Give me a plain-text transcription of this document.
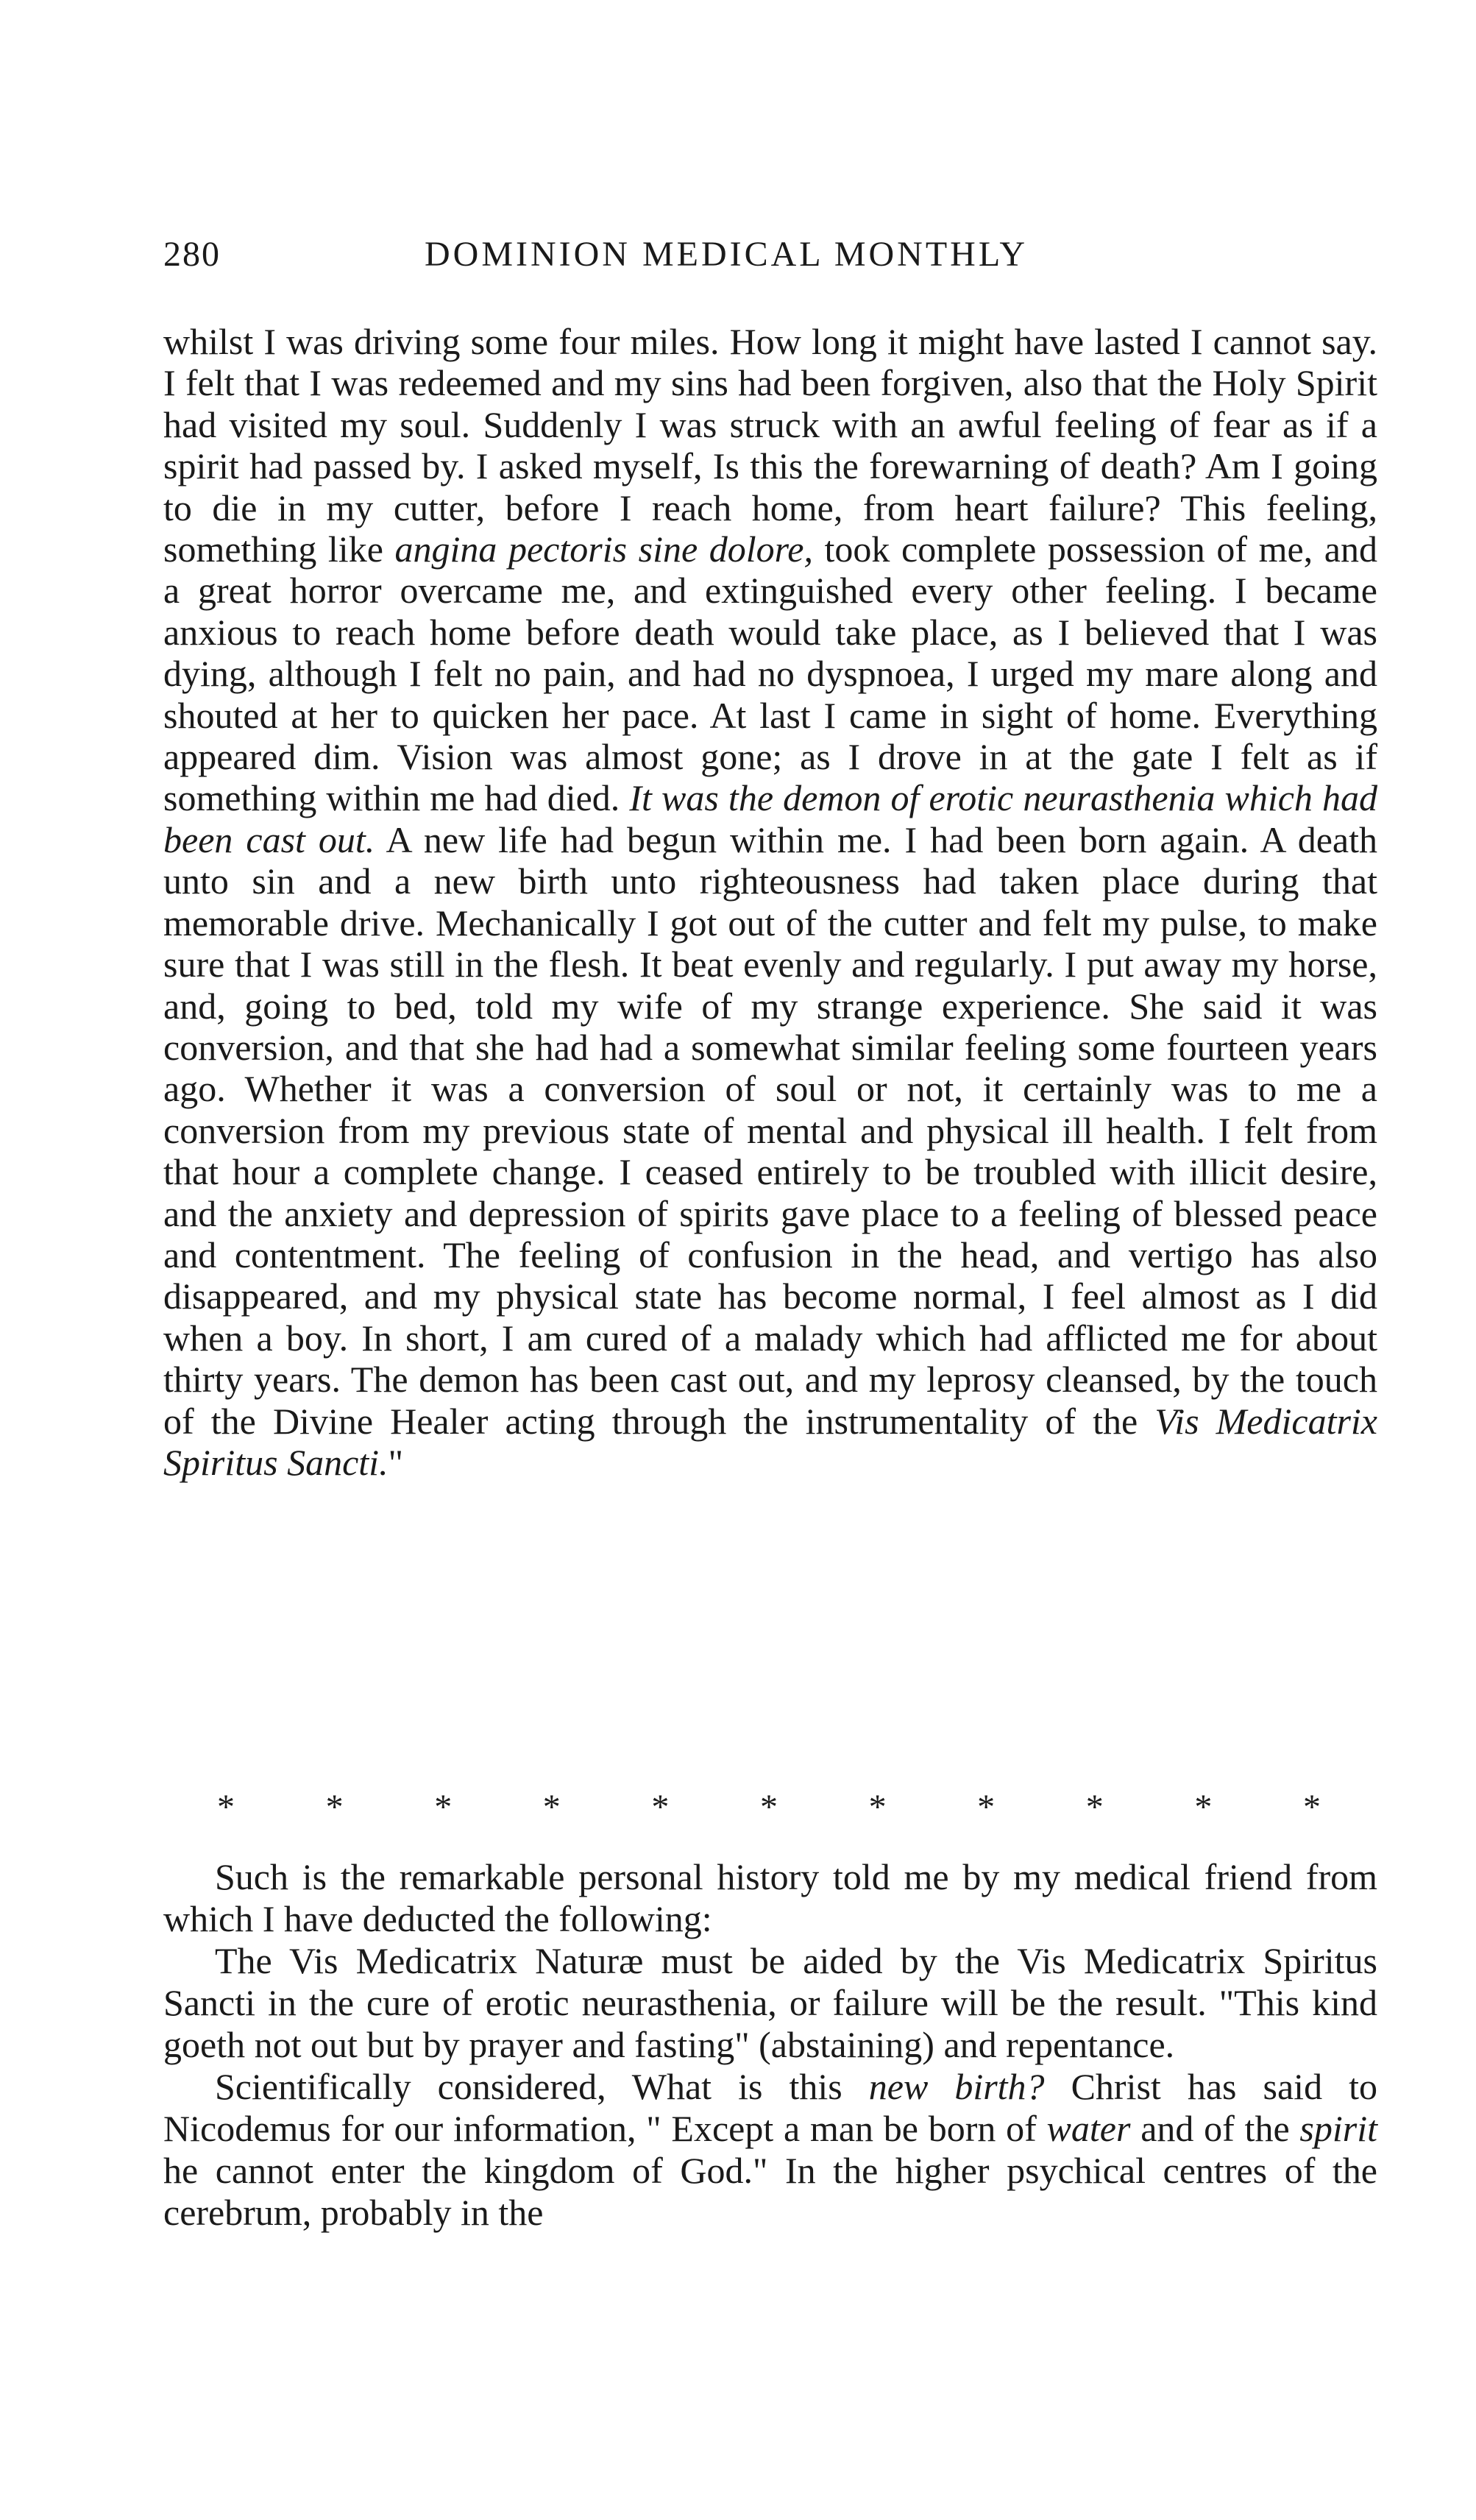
280	DOMINION MEDICAL MONTHLY

whilst I was driving some four miles. How long it might have lasted I cannot say. I felt that I was redeemed and my sins had been forgiven, also that the Holy Spirit had visited my soul. Suddenly I was struck with an awful feeling of fear as if a spirit had passed by. I asked myself, Is this the forewarning of death? Am I going to die in my cutter, before I reach home, from heart failure? This feeling, something like angina pectoris sine dolore, took complete possession of me, and a great horror overcame me, and extinguished every other feeling. I became anxious to reach home before death would take place, as I believed that I was dying, although I felt no pain, and had no dyspnoea, I urged my mare along and shouted at her to quicken her pace. At last I came in sight of home. Everything appeared dim. Vision was almost gone; as I drove in at the gate I felt as if something within me had died. It was the demon of erotic neurasthenia which had been cast out. A new life had begun within me. I had been born again. A death unto sin and a new birth unto righteousness had taken place during that memorable drive. Mechanically I got out of the cutter and felt my pulse, to make sure that I was still in the flesh. It beat evenly and regularly. I put away my horse, and, going to bed, told my wife of my strange experience. She said it was conversion, and that she had had a somewhat similar feeling some fourteen years ago. Whether it was a conversion of soul or not, it certainly was to me a conversion from my previous state of mental and physical ill health. I felt from that hour a complete change. I ceased entirely to be troubled with illicit desire, and the anxiety and depression of spirits gave place to a feeling of blessed peace and contentment. The feeling of confusion in the head, and vertigo has also disappeared, and my physical state has become normal, I feel almost as I did when a boy. In short, I am cured of a malady which had afflicted me for about thirty years. The demon has been cast out, and my leprosy cleansed, by the touch of the Divine Healer acting through the instrumentality of the Vis Medicatrix Spiritus Sancti."

*	*	*	*	*	*	*	*	*	*	*

Such is the remarkable personal history told me by my medical friend from which I have deducted the following:

The Vis Medicatrix Naturæ must be aided by the Vis Medicatrix Spiritus Sancti in the cure of erotic neurasthenia, or failure will be the result. "This kind goeth not out but by prayer and fasting" (abstaining) and repentance.

Scientifically considered, What is this new birth? Christ has said to Nicodemus for our information, " Except a man be born of water and of the spirit he cannot enter the kingdom of God." In the higher psychical centres of the cerebrum, probably in the
